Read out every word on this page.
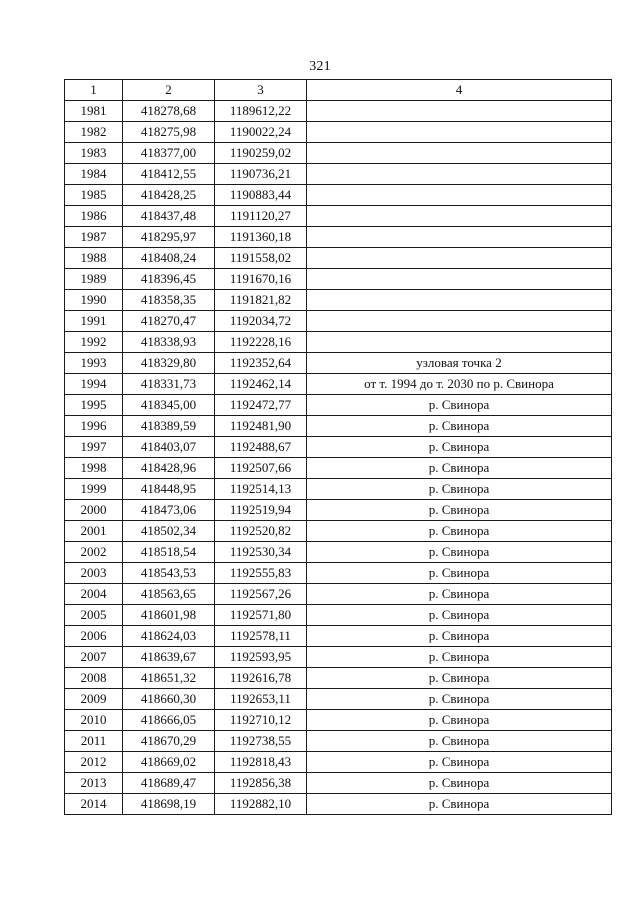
321
1	2	3	4
1981	418278,68	1189612,22	
1982	418275,98	1190022,24	
1983	418377,00	1190259,02	
1984	418412,55	1190736,21	
1985	418428,25	1190883,44	
1986	418437,48	1191120,27	
1987	418295,97	1191360,18	
1988	418408,24	1191558,02	
1989	418396,45	1191670,16	
1990	418358,35	1191821,82	
1991	418270,47	1192034,72	
1992	418338,93	1192228,16	
1993	418329,80	1192352,64	узловая точка 2
1994	418331,73	1192462,14	от т. 1994 до т. 2030 по р. Свинора
1995	418345,00	1192472,77	р. Свинора
1996	418389,59	1192481,90	р. Свинора
1997	418403,07	1192488,67	р. Свинора
1998	418428,96	1192507,66	р. Свинора
1999	418448,95	1192514,13	р. Свинора
2000	418473,06	1192519,94	р. Свинора
2001	418502,34	1192520,82	р. Свинора
2002	418518,54	1192530,34	р. Свинора
2003	418543,53	1192555,83	р. Свинора
2004	418563,65	1192567,26	р. Свинора
2005	418601,98	1192571,80	р. Свинора
2006	418624,03	1192578,11	р. Свинора
2007	418639,67	1192593,95	р. Свинора
2008	418651,32	1192616,78	р. Свинора
2009	418660,30	1192653,11	р. Свинора
2010	418666,05	1192710,12	р. Свинора
2011	418670,29	1192738,55	р. Свинора
2012	418669,02	1192818,43	р. Свинора
2013	418689,47	1192856,38	р. Свинора
2014	418698,19	1192882,10	р. Свинора
